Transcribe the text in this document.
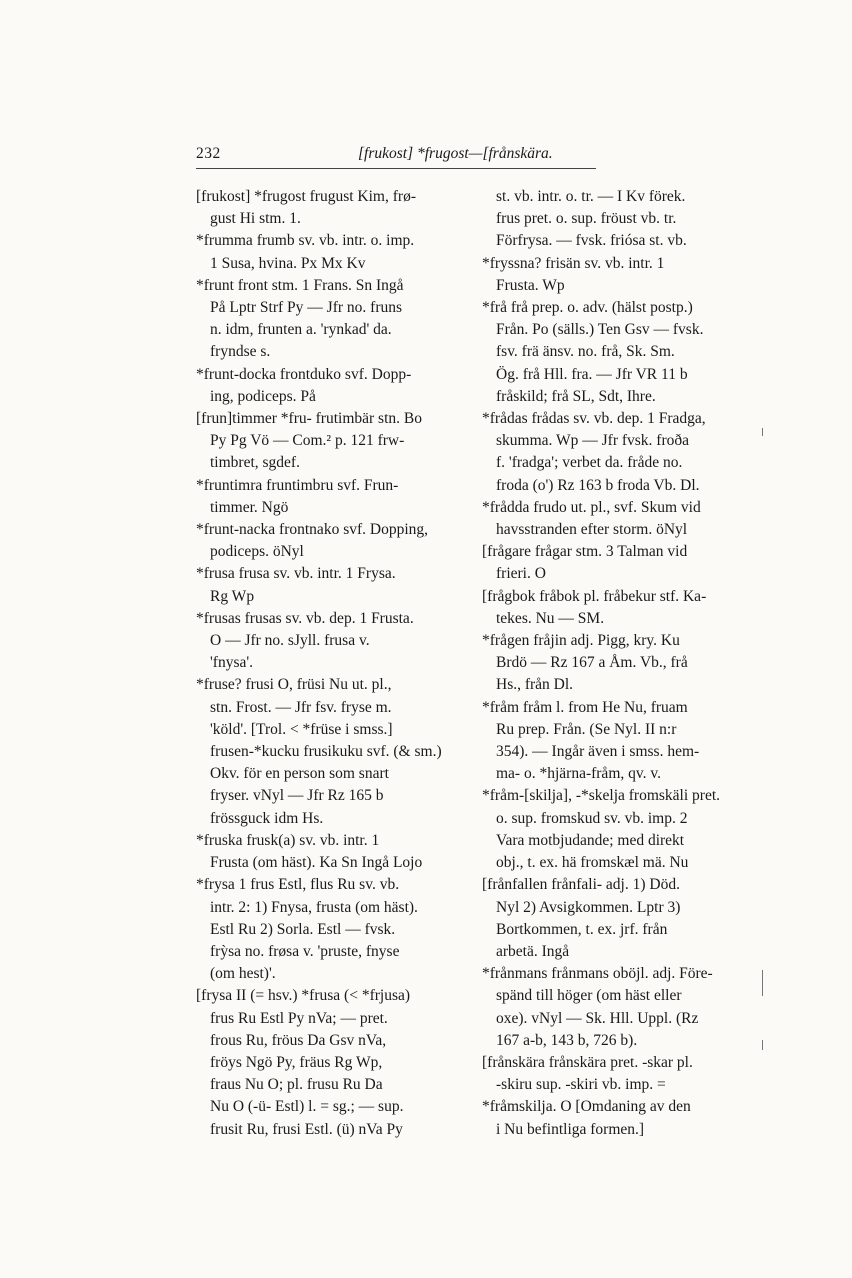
232	[frukost] *frugost—[frånskära.
[frukost] *frugost frugust Kim, frø-
gust Hi stm. 1.
*frumma frumb sv. vb. intr. o. imp.
1 Susa, hvina. Px Mx Kv
*frunt front stm. 1 Frans. Sn Ingå
På Lptr Strf Py — Jfr no. fruns
n. idm, frunten a. 'rynkad' da.
fryndse s.
*frunt-docka frontduko svf. Dopp-
ing, podiceps. På
[frun]timmer *fru- frutimbär stn. Bo
Py Pg Vö — Com.² p. 121 frw-
timbret, sgdef.
*fruntimra fruntimbru svf. Frun-
timmer. Ngö
*frunt-nacka frontnako svf. Dopping,
podiceps. öNyl
*frusa frusa sv. vb. intr. 1 Frysa.
Rg Wp
*frusas frusas sv. vb. dep. 1 Frusta.
O — Jfr no. sJyll. frusa v.
'fnysa'.
*fruse? frusi O, früsi Nu ut. pl.,
stn. Frost. — Jfr fsv. fryse m.
'köld'. [Trol. < *früse i smss.]
frusen-*kucku frusikuku svf. (& sm.)
Okv. för en person som snart
fryser. vNyl — Jfr Rz 165 b
frössguck idm Hs.
*fruska frusk(a) sv. vb. intr. 1
Frusta (om häst). Ka Sn Ingå Lojo
*frysa 1 frus Estl, flus Ru sv. vb.
intr. 2: 1) Fnysa, frusta (om häst).
Estl Ru 2) Sorla. Estl — fvsk.
frỳsa no. frøsa v. 'pruste, fnyse
(om hest)'.
[frysa II (= hsv.) *frusa (< *frjusa)
frus Ru Estl Py nVa; — pret.
frous Ru, fröus Da Gsv nVa,
fröys Ngö Py, fräus Rg Wp,
fraus Nu O; pl. frusu Ru Da
Nu O (-ü- Estl) l. = sg.; — sup.
frusit Ru, frusi Estl. (ü) nVa Py
st. vb. intr. o. tr. — I Kv förek.
frus pret. o. sup. fröust vb. tr.
Förfrysa. — fvsk. friósa st. vb.
*fryssna? frisän sv. vb. intr. 1
Frusta. Wp
*frå frå prep. o. adv. (hälst postp.)
Från. Po (sälls.) Ten Gsv — fvsk.
fsv. frä änsv. no. frå, Sk. Sm.
Ög. frå Hll. fra. — Jfr VR 11 b
fråskild; frå SL, Sdt, Ihre.
*frådas frådas sv. vb. dep. 1 Fradga,
skumma. Wp — Jfr fvsk. froða
f. 'fradga'; verbet da. fråde no.
froda (o') Rz 163 b froda Vb. Dl.
*frådda frudo ut. pl., svf. Skum vid
havsstranden efter storm. öNyl
[frågare frågar stm. 3 Talman vid
frieri. O
[frågbok fråbok pl. fråbekur stf. Ka-
tekes. Nu — SM.
*frågen fråjin adj. Pigg, kry. Ku
Brdö — Rz 167 a Åm. Vb., frå
Hs., från Dl.
*fråm fråm l. from He Nu, fruam
Ru prep. Från. (Se Nyl. II n:r
354). — Ingår även i smss. hem-
ma- o. *hjärna-fråm, qv. v.
*fråm-[skilja], -*skelja fromskäli pret.
o. sup. fromskud sv. vb. imp. 2
Vara motbjudande; med direkt
obj., t. ex. hä fromskæl mä. Nu
[frånfallen frånfali- adj. 1) Död.
Nyl 2) Avsigkommen. Lptr 3)
Bortkommen, t. ex. jrf. från
arbetä. Ingå
*frånmans frånmans oböjl. adj. Före-
spänd till höger (om häst eller
oxe). vNyl — Sk. Hll. Uppl. (Rz
167 a-b, 143 b, 726 b).
[frånskära frånskära pret. -skar pl.
-skiru sup. -skiri vb. imp. =
*fråmskilja. O [Omdaning av den
i Nu befintliga formen.]
